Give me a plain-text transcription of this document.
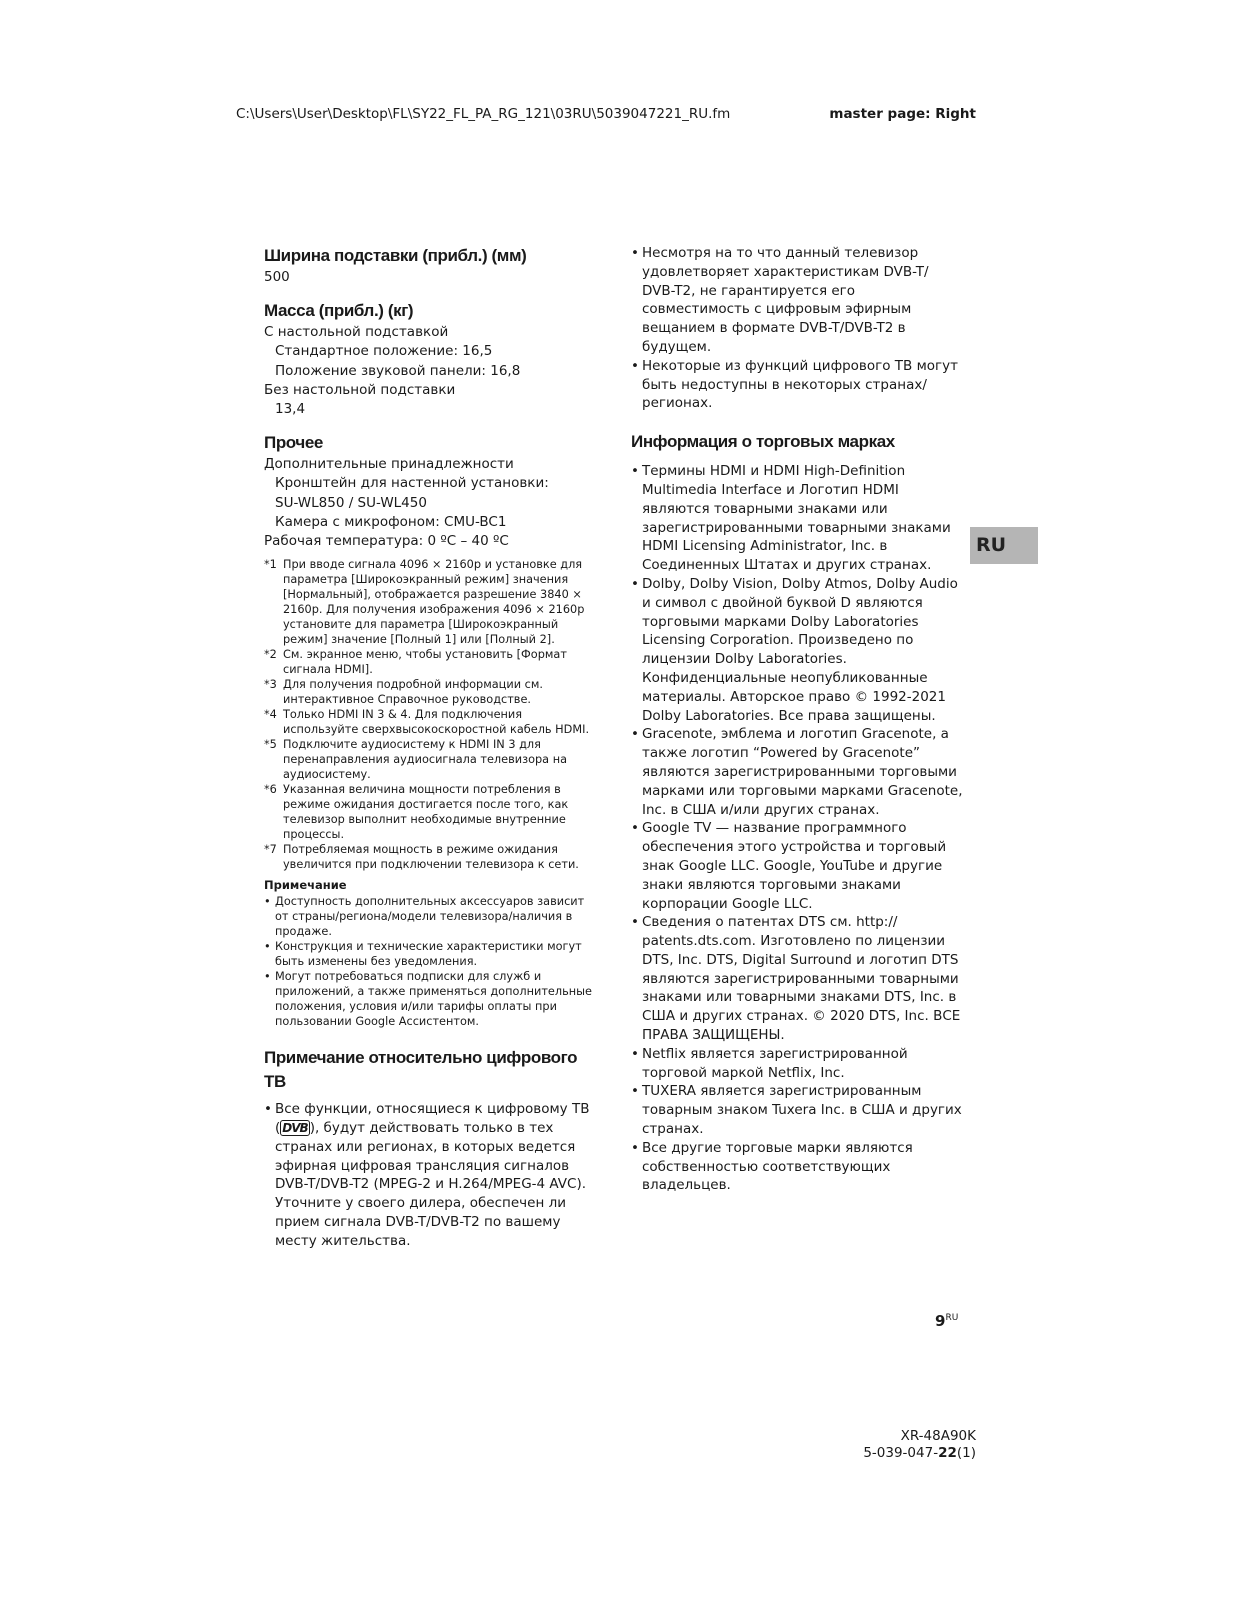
C:\Users\User\Desktop\FL\SY22_FL_PA_RG_121\03RU\5039047221_RU.fm	master page: Right
Ширина подставки (прибл.) (мм)

500

Масса (прибл.) (кг)

С настольной подставкой

Стандартное положение: 16,5

Положение звуковой панели: 16,8

Без настольной подставки

13,4

Прочее

Дополнительные принадлежности

Кронштейн для настенной установки:

SU-WL850 / SU-WL450

Камера с микрофоном: CMU-BC1

Рабочая температура: 0 ºC – 40 ºC

*1 При вводе сигнала 4096 × 2160p и установке для параметра [Широкоэкранный режим] значения [Нормальный], отображается разрешение 3840 × 2160p. Для получения изображения 4096 × 2160p установите для параметра [Широкоэкранный режим] значение [Полный 1] или [Полный 2].
*2 См. экранное меню, чтобы установить [Формат сигнала HDMI].
*3 Для получения подробной информации см. интерактивное Справочное руководстве.
*4 Только HDMI IN 3 & 4. Для подключения используйте сверхвысокоскоростной кабель HDMI.
*5 Подключите аудиосистему к HDMI IN 3 для перенаправления аудиосигнала телевизора на аудиосистему.
*6 Указанная величина мощности потребления в режиме ожидания достигается после того, как телевизор выполнит необходимые внутренние процессы.
*7 Потребляемая мощность в режиме ожидания увеличится при подключении телевизора к сети.
Примечание
• Доступность дополнительных аксессуаров зависит от страны/региона/модели телевизора/наличия в продаже.
• Конструкция и технические характеристики могут быть изменены без уведомления.
• Могут потребоваться подписки для служб и приложений, а также применяться дополнительные положения, условия и/или тарифы оплаты при пользовании Google Ассистентом.
Примечание относительно цифрового ТВ
• Все функции, относящиеся к цифровому ТВ ( DVB ), будут действовать только в тех странах или регионах, в которых ведется эфирная цифровая трансляция сигналов DVB-T/DVB-T2 (MPEG-2 и H.264/MPEG-4 AVC). Уточните у своего дилера, обеспечен ли прием сигнала DVB-T/DVB-T2 по вашему месту жительства.
• Несмотря на то что данный телевизор удовлетворяет характеристикам DVB-T/ DVB-T2, не гарантируется его совместимость с цифровым эфирным вещанием в формате DVB-T/DVB-T2 в будущем.
• Некоторые из функций цифрового ТВ могут быть недоступны в некоторых странах/ регионах.
Информация о торговых марках
• Термины HDMI и HDMI High-Definition Multimedia Interface и Логотип HDMI являются товарными знаками или зарегистрированными товарными знаками HDMI Licensing Administrator, Inc. в Соединенных Штатах и других странах.
• Dolby, Dolby Vision, Dolby Atmos, Dolby Audio и символ с двойной буквой D являются торговыми марками Dolby Laboratories Licensing Corporation. Произведено по лицензии Dolby Laboratories. Конфиденциальные неопубликованные материалы. Авторское право © 1992-2021 Dolby Laboratories. Все права защищены.
• Gracenote, эмблема и логотип Gracenote, а также логотип “Powered by Gracenote” являются зарегистрированными торговыми марками или торговыми марками Gracenote, Inc. в США и/или других странах.
• Google TV — название программного обеспечения этого устройства и торговый знак Google LLC. Google, YouTube и другие знаки являются торговыми знаками корпорации Google LLC.
• Сведения о патентах DTS см. http:// patents.dts.com. Изготовлено по лицензии DTS, Inc. DTS, Digital Surround и логотип DTS являются зарегистрированными товарными знаками или товарными знаками DTS, Inc. в США и других странах. © 2020 DTS, Inc. ВСЕ ПРАВА ЗАЩИЩЕНЫ.
• Netflix является зарегистрированной торговой маркой Netflix, Inc.
• TUXERA является зарегистрированным товарным знаком Tuxera Inc. в США и других странах.
• Все другие торговые марки являются собственностью соответствующих владельцев.
RU
$9^{RU}$
XR-48A90K
5-039-047-22(1)
